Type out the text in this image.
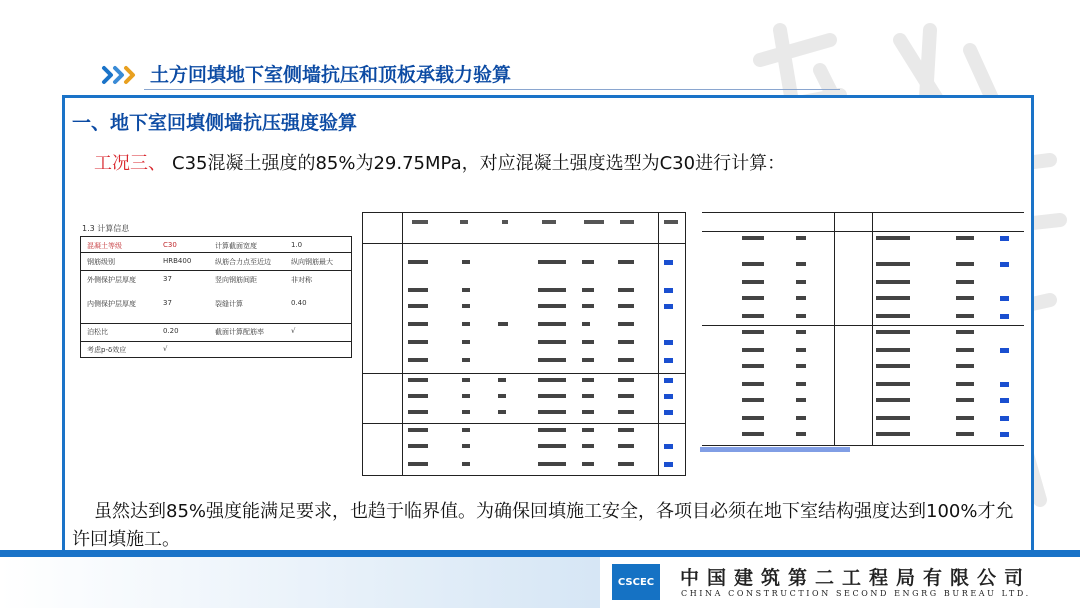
土方回填地下室侧墙抗压和顶板承载力验算
一、地下室回填侧墙抗压强度验算
工况三、 C35混凝土强度的85%为29.75MPa，对应混凝土强度选型为C30进行计算：
1.3 计算信息
混凝土等级	C30	计算截面宽度	1.0
钢筋级别	HRB400	纵筋合力点至近边	纵向钢筋最大
外侧保护层厚度	37	竖向钢筋间距	非对称
内侧保护层厚度	37	裂缝计算	0.40
泊松比	0.20	截面计算配筋率	√
考虑p-δ效应	√
虽然达到85%强度能满足要求，也趋于临界值。为确保回填施工安全，各项目必须在地下室结构强度达到100%才允许回填施工。
CSCEC	中国建筑第二工程局有限公司
CHINA CONSTRUCTION SECOND ENGRG BUREAU LTD.
